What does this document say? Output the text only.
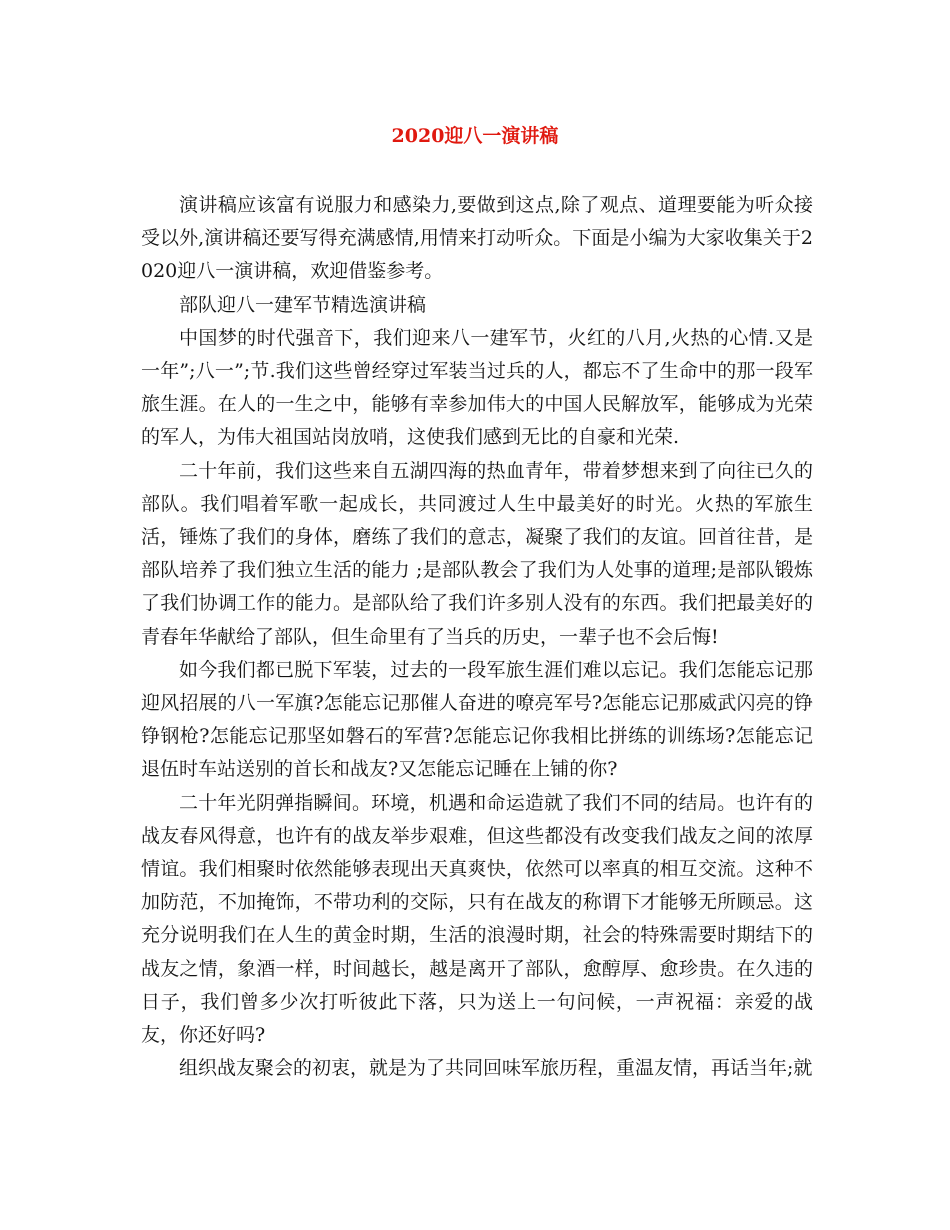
2020迎八一演讲稿

演讲稿应该富有说服力和感染力,要做到这点,除了观点、道理要能为听众接受以外,演讲稿还要写得充满感情,用情来打动听众。下面是小编为大家收集关于2020迎八一演讲稿，欢迎借鉴参考。

部队迎八一建军节精选演讲稿

中国梦的时代强音下，我们迎来八一建军节，火红的八月,火热的心情.又是一年”;八一”;节.我们这些曾经穿过军装当过兵的人，都忘不了生命中的那一段军旅生涯。在人的一生之中，能够有幸参加伟大的中国人民解放军，能够成为光荣的军人，为伟大祖国站岗放哨，这使我们感到无比的自豪和光荣.

二十年前，我们这些来自五湖四海的热血青年，带着梦想来到了向往已久的部队。我们唱着军歌一起成长，共同渡过人生中最美好的时光。火热的军旅生活，锤炼了我们的身体，磨练了我们的意志，凝聚了我们的友谊。回首往昔，是部队培养了我们独立生活的能力 ;是部队教会了我们为人处事的道理;是部队锻炼了我们协调工作的能力。是部队给了我们许多别人没有的东西。我们把最美好的青春年华献给了部队，但生命里有了当兵的历史，一辈子也不会后悔!

如今我们都已脱下军装，过去的一段军旅生涯们难以忘记。我们怎能忘记那迎风招展的八一军旗?怎能忘记那催人奋进的嘹亮军号?怎能忘记那威武闪亮的铮铮钢枪?怎能忘记那坚如磐石的军营?怎能忘记你我相比拼练的训练场?怎能忘记退伍时车站送别的首长和战友?又怎能忘记睡在上铺的你?

二十年光阴弹指瞬间。环境，机遇和命运造就了我们不同的结局。也许有的战友春风得意，也许有的战友举步艰难，但这些都没有改变我们战友之间的浓厚情谊。我们相聚时依然能够表现出天真爽快，依然可以率真的相互交流。这种不加防范，不加掩饰，不带功利的交际，只有在战友的称谓下才能够无所顾忌。这充分说明我们在人生的黄金时期，生活的浪漫时期，社会的特殊需要时期结下的战友之情，象酒一样，时间越长，越是离开了部队，愈醇厚、愈珍贵。在久违的日子，我们曾多少次打听彼此下落，只为送上一句问候，一声祝福：亲爱的战友，你还好吗?

组织战友聚会的初衷，就是为了共同回味军旅历程，重温友情，再话当年;就
